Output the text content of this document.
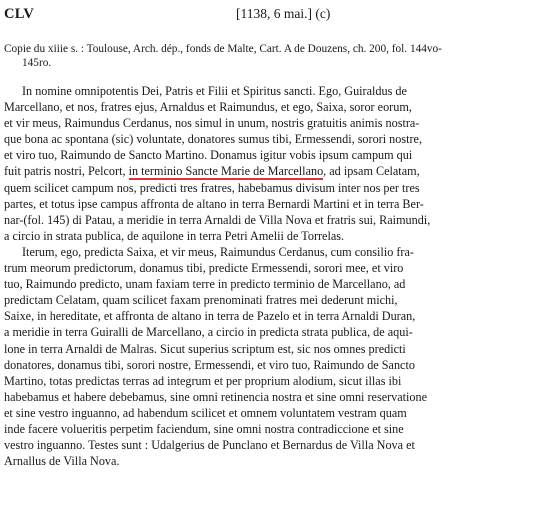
CLV	[1138, 6 mai.] (c)
Copie du xiiie s. : Toulouse, Arch. dép., fonds de Malte, Cart. A de Douzens, ch. 200, fol. 144vo-
145ro.
In nomine omnipotentis Dei, Patris et Filii et Spiritus sancti. Ego, Guiraldus de
Marcellano, et nos, fratres ejus, Arnaldus et Raimundus, et ego, Saixa, soror eorum,
et vir meus, Raimundus Cerdanus, nos simul in unum, nostris gratuitis animis nostra-
que bona ac spontana (sic) voluntate, donatores sumus tibi, Ermessendi, sorori nostre,
et viro tuo, Raimundo de Sancto Martino. Donamus igitur vobis ipsum campum qui
fuit patris nostri, Pelcort, in terminio Sancte Marie de Marcellano, ad ipsam Celatam,
quem scilicet campum nos, predicti tres fratres, habebamus divisum inter nos per tres
partes, et totus ipse campus affronta de altano in terra Bernardi Martini et in terra Ber-
nar-(fol. 145) di Patau, a meridie in terra Arnaldi de Villa Nova et fratris sui, Raimundi,
a circio in strata publica, de aquilone in terra Petri Amelii de Torrelas.
Iterum, ego, predicta Saixa, et vir meus, Raimundus Cerdanus, cum consilio fra-
trum meorum predictorum, donamus tibi, predicte Ermessendi, sorori mee, et viro
tuo, Raimundo predicto, unam faxiam terre in predicto terminio de Marcellano, ad
predictam Celatam, quam scilicet faxam prenominati fratres mei dederunt michi,
Saixe, in hereditate, et affronta de altano in terra de Pazelo et in terra Arnaldi Duran,
a meridie in terra Guiralli de Marcellano, a circio in predicta strata publica, de aqui-
lone in terra Arnaldi de Malras. Sicut superius scriptum est, sic nos omnes predicti
donatores, donamus tibi, sorori nostre, Ermessendi, et viro tuo, Raimundo de Sancto
Martino, totas predictas terras ad integrum et per proprium alodium, sicut illas ibi
habebamus et habere debebamus, sine omni retinencia nostra et sine omni reservatione
et sine vestro inguanno, ad habendum scilicet et omnem voluntatem vestram quam
inde facere volueritis perpetim faciendum, sine omni nostra contradiccione et sine
vestro inguanno. Testes sunt : Udalgerius de Punclano et Bernardus de Villa Nova et
Arnallus de Villa Nova.
